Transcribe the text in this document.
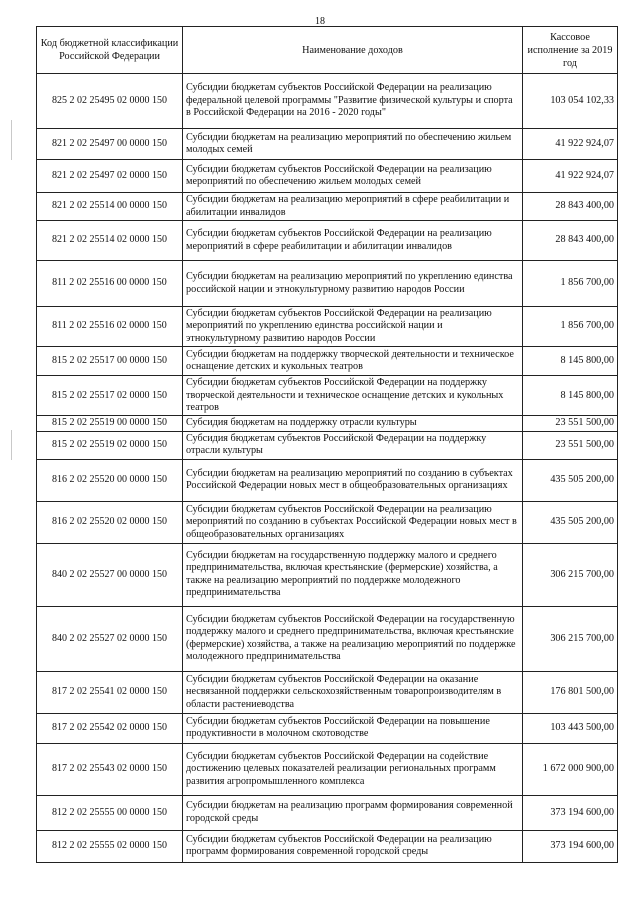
18
Код бюджетной классификации Российской Федерации	Наименование доходов	Кассовое исполнение за 2019 год
825 2 02 25495 02 0000 150	Субсидии бюджетам субъектов Российской Федерации на реализацию федеральной целевой программы "Развитие физической культуры и спорта в Российской Федерации на 2016 - 2020 годы"	103 054 102,33
821 2 02 25497 00 0000 150	Субсидии бюджетам на реализацию мероприятий по обеспечению жильем молодых семей	41 922 924,07
821 2 02 25497 02 0000 150	Субсидии бюджетам субъектов Российской Федерации на реализацию мероприятий по обеспечению жильем молодых семей	41 922 924,07
821 2 02 25514 00 0000 150	Субсидии бюджетам на реализацию мероприятий в сфере реабилитации и абилитации инвалидов	28 843 400,00
821 2 02 25514 02 0000 150	Субсидии бюджетам субъектов Российской Федерации на реализацию мероприятий в сфере реабилитации и абилитации инвалидов	28 843 400,00
811 2 02 25516 00 0000 150	Субсидии бюджетам на реализацию мероприятий по укреплению единства российской нации и этнокультурному развитию народов России	1 856 700,00
811 2 02 25516 02 0000 150	Субсидии бюджетам субъектов Российской Федерации на реализацию мероприятий по укреплению единства российской нации и этнокультурному развитию народов России	1 856 700,00
815 2 02 25517 00 0000 150	Субсидии бюджетам на поддержку творческой деятельности и техническое оснащение детских и кукольных театров	8 145 800,00
815 2 02 25517 02 0000 150	Субсидии бюджетам субъектов Российской Федерации на поддержку творческой деятельности и техническое оснащение детских и кукольных театров	8 145 800,00
815 2 02 25519 00 0000 150	Субсидия бюджетам на поддержку отрасли культуры	23 551 500,00
815 2 02 25519 02 0000 150	Субсидия бюджетам субъектов Российской Федерации на поддержку отрасли культуры	23 551 500,00
816 2 02 25520 00 0000 150	Субсидии бюджетам на реализацию мероприятий по созданию в субъектах Российской Федерации новых мест в общеобразовательных организациях	435 505 200,00
816 2 02 25520 02 0000 150	Субсидии бюджетам субъектов Российской Федерации на реализацию мероприятий по созданию в субъектах Российской Федерации новых мест в общеобразовательных организациях	435 505 200,00
840 2 02 25527 00 0000 150	Субсидии бюджетам на государственную поддержку малого и среднего предпринимательства, включая крестьянские (фермерские) хозяйства, а также на реализацию мероприятий по поддержке молодежного предпринимательства	306 215 700,00
840 2 02 25527 02 0000 150	Субсидии бюджетам субъектов Российской Федерации на государственную поддержку малого и среднего предпринимательства, включая крестьянские (фермерские) хозяйства, а также на реализацию мероприятий по поддержке молодежного предпринимательства	306 215 700,00
817 2 02 25541 02 0000 150	Субсидии бюджетам субъектов Российской Федерации на оказание несвязанной поддержки сельскохозяйственным товаропроизводителям в области растениеводства	176 801 500,00
817 2 02 25542 02 0000 150	Субсидии бюджетам субъектов Российской Федерации на повышение продуктивности в молочном скотоводстве	103 443 500,00
817 2 02 25543 02 0000 150	Субсидии бюджетам субъектов Российской Федерации на содействие достижению целевых показателей реализации региональных программ развития агропромышленного комплекса	1 672 000 900,00
812 2 02 25555 00 0000 150	Субсидии бюджетам на реализацию программ формирования современной городской среды	373 194 600,00
812 2 02 25555 02 0000 150	Субсидии бюджетам субъектов Российской Федерации на реализацию программ формирования современной городской среды	373 194 600,00
